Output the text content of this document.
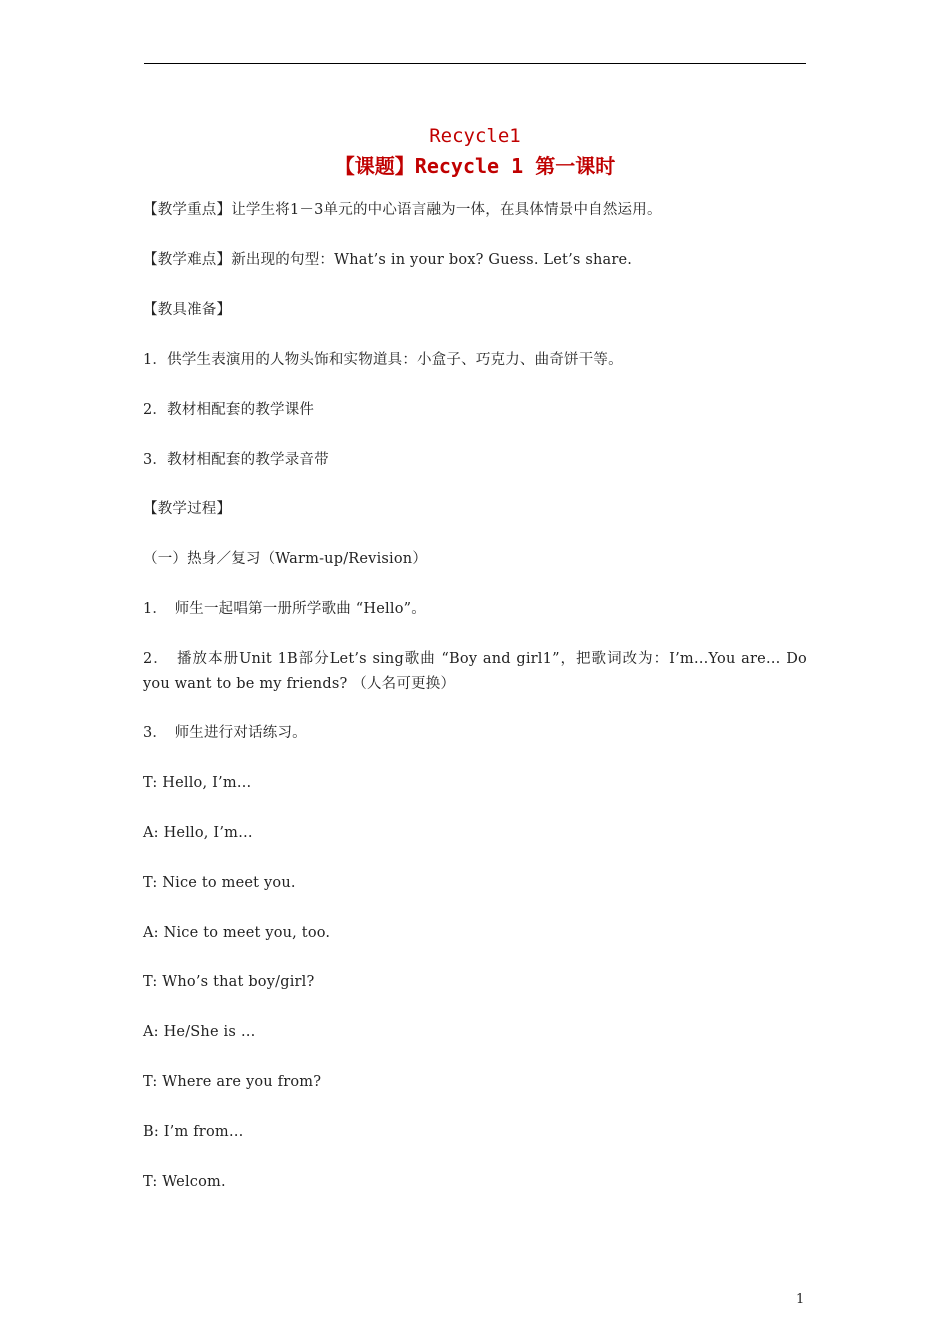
Recycle1
【课题】Recycle 1 第一课时
【教学重点】让学生将1－3单元的中心语言融为一体，在具体情景中自然运用。
【教学难点】新出现的句型：What’s in your box? Guess. Let’s share.
【教具准备】
1．供学生表演用的人物头饰和实物道具：小盒子、巧克力、曲奇饼干等。
2．教材相配套的教学课件
3．教材相配套的教学录音带
【教学过程】
（一）热身／复习（Warm-up/Revision）
1．　师生一起唱第一册所学歌曲 “Hello”。
2．　播放本册Unit 1B部分Let’s sing歌曲 “Boy and girl1”，把歌词改为：I’m…You are… Do you want to be my friends? （人名可更换）
3．　师生进行对话练习。
T: Hello, I’m…
A: Hello, I’m…
T: Nice to meet you.
A: Nice to meet you, too.
T: Who’s that boy/girl?
A: He/She is …
T: Where are you from?
B: I’m from…
T: Welcom.
1
